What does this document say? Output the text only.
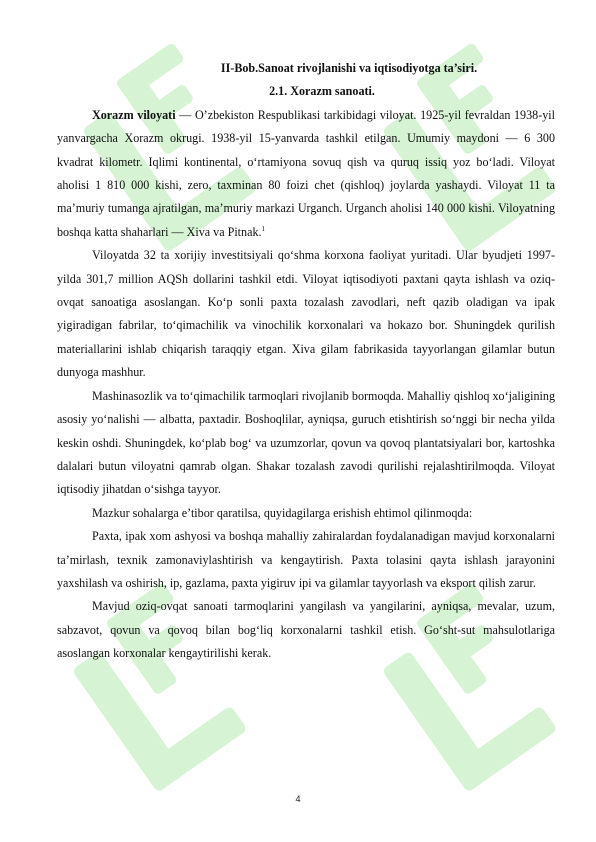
II-Bob.Sanoat rivojlanishi va iqtisodiyotga ta’siri.
2.1. Xorazm sanoati.

Xorazm viloyati — O’zbekiston Respublikasi tarkibidagi viloyat. 1925-yil fevraldan 1938-yil yanvargacha Xorazm okrugi. 1938-yil 15-yanvarda tashkil etilgan. Umumiy maydoni — 6 300 kvadrat kilometr. Iqlimi kontinental, o‘rtamiyona sovuq qish va quruq issiq yoz bo‘ladi. Viloyat aholisi 1 810 000 kishi, zero, taxminan 80 foizi chet (qishloq) joylarda yashaydi. Viloyat 11 ta ma’muriy tumanga ajratilgan, ma’muriy markazi Urganch. Urganch aholisi 140 000 kishi. Viloyatning boshqa katta shaharlari — Xiva va Pitnak.$^1$

Viloyatda 32 ta xorijiy investitsiyali qo‘shma korxona faoliyat yuritadi. Ular byudjeti 1997-yilda 301,7 million AQSh dollarini tashkil etdi. Viloyat iqtisodiyoti paxtani qayta ishlash va oziq-ovqat sanoatiga asoslangan. Ko‘p sonli paxta tozalash zavodlari, neft qazib oladigan va ipak yigiradigan fabrilar, to‘qimachilik va vinochilik korxonalari va hokazo bor. Shuningdek qurilish materiallarini ishlab chiqarish taraqqiy etgan. Xiva gilam fabrikasida tayyorlangan gilamlar butun dunyoga mashhur.

Mashinasozlik va to‘qimachilik tarmoqlari rivojlanib bormoqda. Mahalliy qishloq xo‘jaligining asosiy yo‘nalishi — albatta, paxtadir. Boshoqlilar, ayniqsa, guruch etishtirish so‘nggi bir necha yilda keskin oshdi. Shuningdek, ko‘plab bog‘ va uzumzorlar, qovun va qovoq plantatsiyalari bor, kartoshka dalalari butun viloyatni qamrab olgan. Shakar tozalash zavodi qurilishi rejalashtirilmoqda. Viloyat iqtisodiy jihatdan o‘sishga tayyor.

Mazkur sohalarga e’tibor qaratilsa, quyidagilarga erishish ehtimol qilinmoqda:

Paxta, ipak xom ashyosi va boshqa mahalliy zahiralardan foydalanadigan mavjud korxonalarni ta’mirlash, texnik zamonaviylashtirish va kengaytirish. Paxta tolasini qayta ishlash jarayonini yaxshilash va oshirish, ip, gazlama, paxta yigiruv ipi va gilamlar tayyorlash va eksport qilish zarur.

Mavjud oziq-ovqat sanoati tarmoqlarini yangilash va yangilarini, ayniqsa, mevalar, uzum, sabzavot, qovun va qovoq bilan bog‘liq korxonalarni tashkil etish. Go‘sht-sut mahsulotlariga asoslangan korxonalar kengaytirilishi kerak.

4
